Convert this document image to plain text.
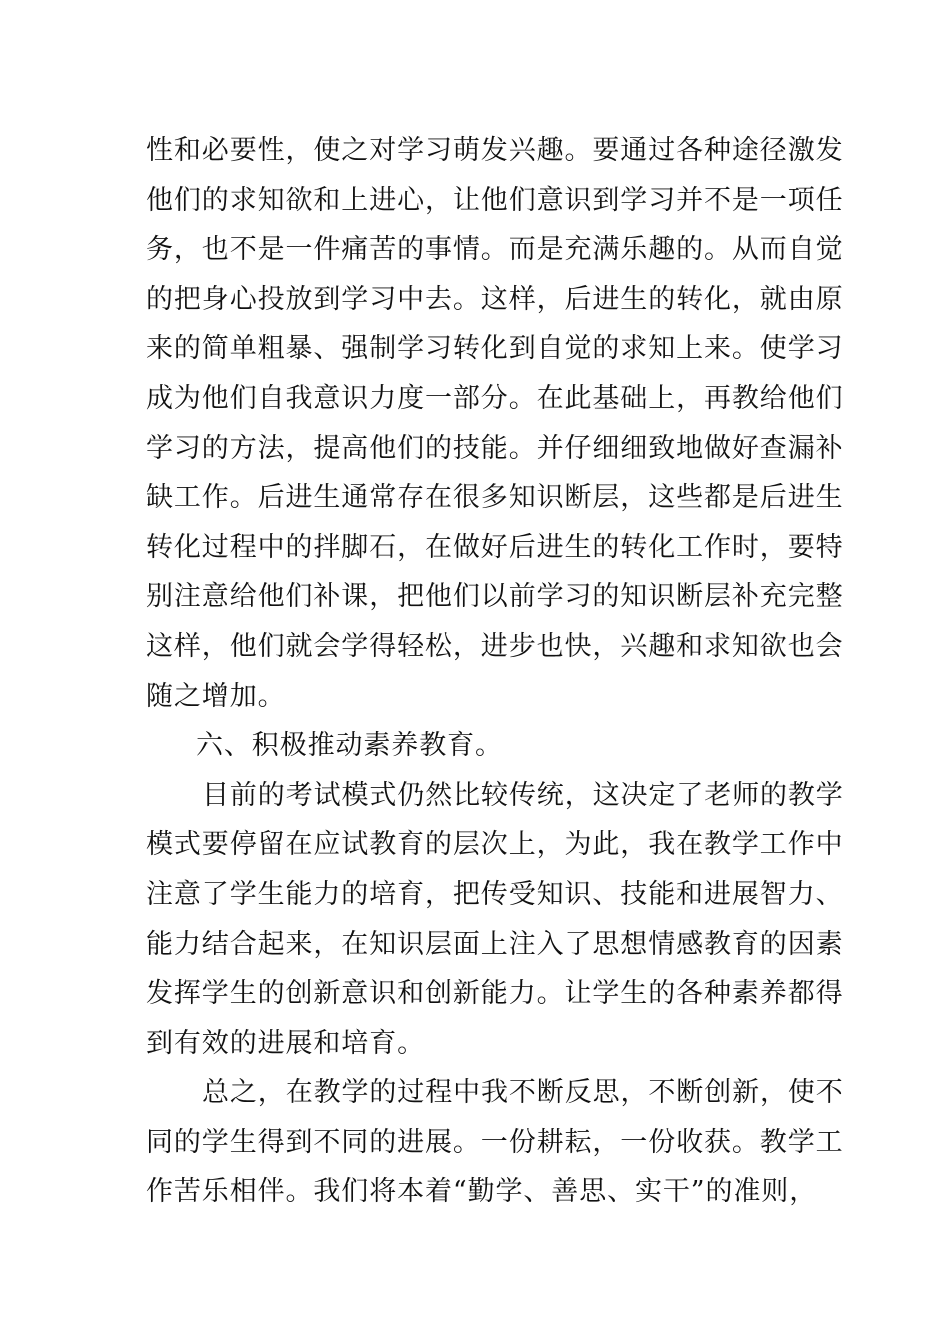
性和必要性，使之对学习萌发兴趣。要通过各种途径激发
他们的求知欲和上进心，让他们意识到学习并不是一项任
务，也不是一件痛苦的事情。而是充满乐趣的。从而自觉
的把身心投放到学习中去。这样，后进生的转化，就由原
来的简单粗暴、强制学习转化到自觉的求知上来。使学习
成为他们自我意识力度一部分。在此基础上，再教给他们
学习的方法，提高他们的技能。并仔细细致地做好查漏补
缺工作。后进生通常存在很多知识断层，这些都是后进生
转化过程中的拌脚石，在做好后进生的转化工作时，要特
别注意给他们补课，把他们以前学习的知识断层补充完整
这样，他们就会学得轻松，进步也快，兴趣和求知欲也会
随之增加。
六、积极推动素养教育。
目前的考试模式仍然比较传统，这决定了老师的教学
模式要停留在应试教育的层次上，为此，我在教学工作中
注意了学生能力的培育，把传受知识、技能和进展智力、
能力结合起来，在知识层面上注入了思想情感教育的因素
发挥学生的创新意识和创新能力。让学生的各种素养都得
到有效的进展和培育。
总之，在教学的过程中我不断反思，不断创新，使不
同的学生得到不同的进展。一份耕耘，一份收获。教学工
作苦乐相伴。我们将本着“勤学、善思、实干”的准则，
